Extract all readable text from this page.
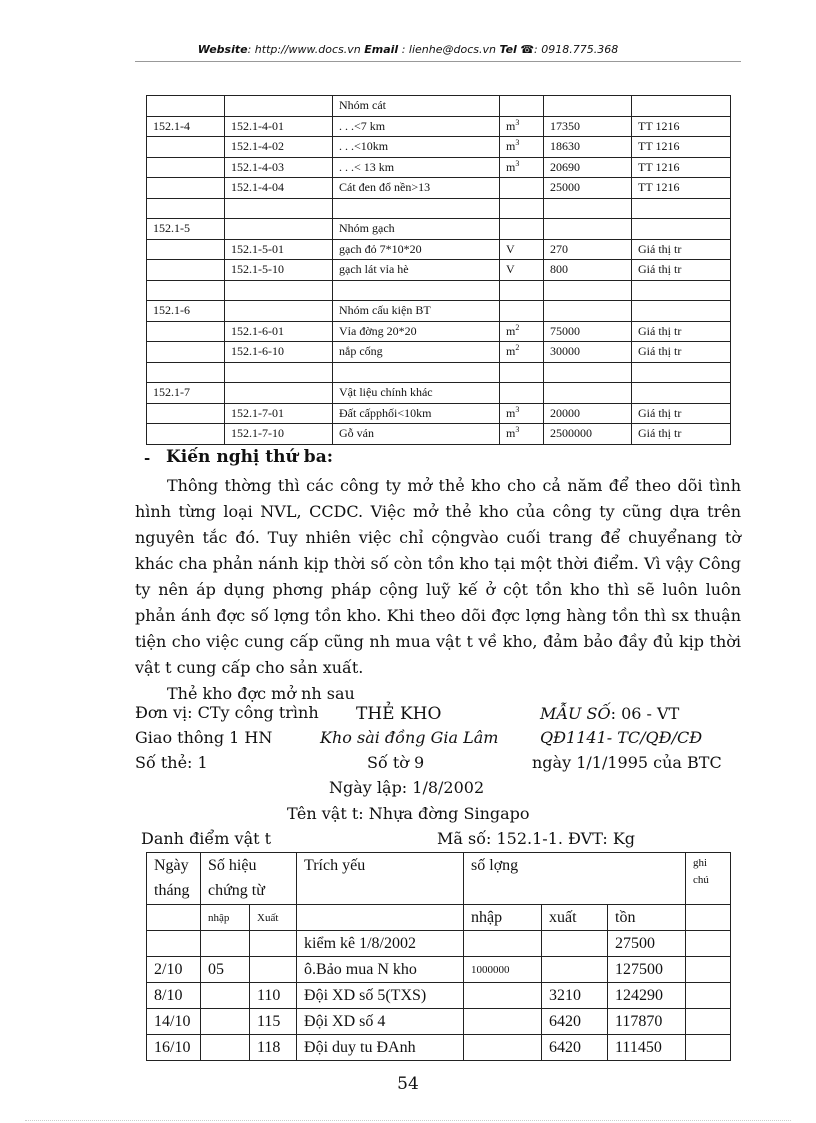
Website: http://www.docs.vn Email : lienhe@docs.vn Tel ☎: 0918.775.368
		Nhóm cát			
152.1-4	152.1-4-01	. . .<7 km	$m^3$	17350	TT 1216
	152.1-4-02	. . .<10km	$m^3$	18630	TT 1216
	152.1-4-03	. . .< 13 km	$m^3$	20690	TT 1216
	152.1-4-04	Cát đen đổ nền>13		25000	TT 1216

152.1-5		Nhóm gạch			
	152.1-5-01	gạch đỏ 7*10*20	V	270	Giá thị tr
	152.1-5-10	gạch lát vỉa hè	V	800	Giá thị tr

152.1-6		Nhóm cấu kiện BT			
	152.1-6-01	Vỉa đờng 20*20	$m^2$	75000	Giá thị tr
	152.1-6-10	nắp cống	$m^2$	30000	Giá thị tr

152.1-7		Vật liệu chính khác			
	152.1-7-01	Đất cấpphối<10km	$m^3$	20000	Giá thị tr
	152.1-7-10	Gỗ ván	$m^3$	2500000	Giá thị tr
- Kiến nghị thứ ba:

Thông thờng thì các công ty mở thẻ kho cho cả năm để theo dõi tình hình từng loại NVL, CCDC. Việc mở thẻ kho của công ty cũng dựa trên nguyên tắc đó. Tuy nhiên việc chỉ cộngvào cuối trang để chuyểnang tờ khác cha phản nánh kịp thời số còn tồn kho tại một thời điểm. Vì vậy Công ty nên áp dụng phơng pháp cộng luỹ kế ở cột tồn kho thì sẽ luôn luôn phản ánh đợc số lợng tồn kho. Khi theo dõi đợc lợng hàng tồn thì sx thuận tiện cho việc cung cấp cũng nh mua vật t về kho, đảm bảo đầy đủ kịp thời vật t cung cấp cho sản xuất.

Thẻ kho đợc mở nh sau

Đơn vị: CTy công trình THẺ KHO	MẪU SỐ: 06 - VT
Giao thông 1 HN	Kho sài đồng Gia Lâm	QĐ1141- TC/QĐ/CĐ
Số thẻ: 1	Số tờ 9	ngày 1/1/1995 của BTC
Ngày lập: 1/8/2002
Tên vật t: Nhựa đờng Singapo
Danh điểm vật t	Mã số: 152.1-1. ĐVT: Kg
Ngày
tháng	Số hiệu
chứng từ		Trích yếu	số lợng			ghi
chú
	nhập	Xuất		nhập	xuất	tồn	
			kiểm kê 1/8/2002			27500	
2/10	05		ô.Bảo mua N kho	1000000		127500	
8/10		110	Đội XD số 5(TXS)		3210	124290	
14/10		115	Đội XD số 4		6420	117870	
16/10		118	Đội duy tu ĐAnh		6420	111450	
54
